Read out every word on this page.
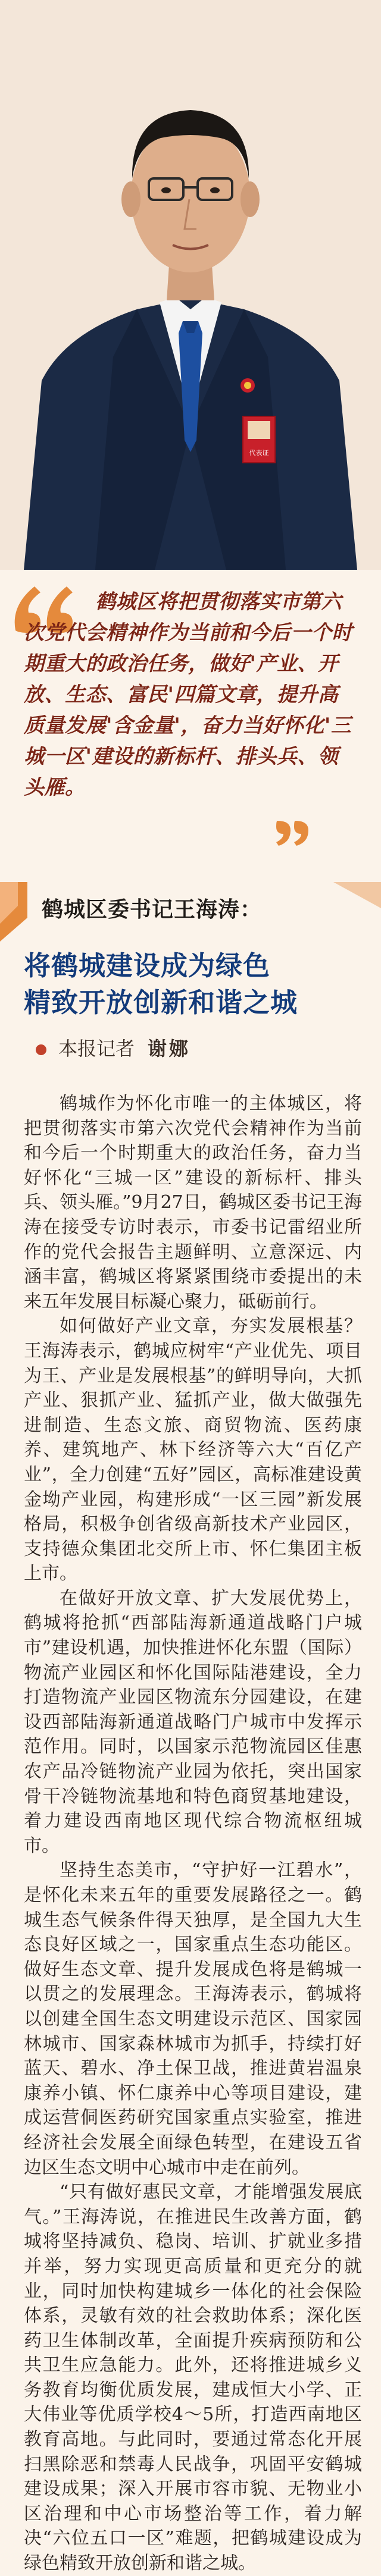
代表证
鹤城区将把贯彻落实市第六次党代会精神作为当前和今后一个时期重大的政治任务，做好'产业、开放、生态、富民'四篇文章，提升高质量发展'含金量'，奋力当好怀化'三城一区'建设的新标杆、排头兵、领头雁。
鹤城区委书记王海涛：
将鹤城建设成为绿色
精致开放创新和谐之城
本报记者 谢娜

鹤城作为怀化市唯一的主体城区，将把贯彻落实市第六次党代会精神作为当前和今后一个时期重大的政治任务，奋力当好怀化“三城一区”建设的新标杆、排头兵、领头雁。”9月27日，鹤城区委书记王海涛在接受专访时表示，市委书记雷绍业所作的党代会报告主题鲜明、立意深远、内涵丰富，鹤城区将紧紧围绕市委提出的未来五年发展目标凝心聚力，砥砺前行。

如何做好产业文章，夯实发展根基？王海涛表示，鹤城应树牢“产业优先、项目为王、产业是发展根基”的鲜明导向，大抓产业、狠抓产业、猛抓产业，做大做强先进制造、生态文旅、商贸物流、医药康养、建筑地产、林下经济等六大“百亿产业”，全力创建“五好”园区，高标准建设黄金坳产业园，构建形成“一区三园”新发展格局，积极争创省级高新技术产业园区，支持德众集团北交所上市、怀仁集团主板上市。

在做好开放文章、扩大发展优势上，鹤城将抢抓“西部陆海新通道战略门户城市”建设机遇，加快推进怀化东盟（国际）物流产业园区和怀化国际陆港建设，全力打造物流产业园区物流东分园建设，在建设西部陆海新通道战略门户城市中发挥示范作用。同时，以国家示范物流园区佳惠农产品冷链物流产业园为依托，突出国家骨干冷链物流基地和特色商贸基地建设，着力建设西南地区现代综合物流枢纽城市。

坚持生态美市，“守护好一江碧水”，是怀化未来五年的重要发展路径之一。鹤城生态气候条件得天独厚，是全国九大生态良好区域之一，国家重点生态功能区。做好生态文章、提升发展成色将是鹤城一以贯之的发展理念。王海涛表示，鹤城将以创建全国生态文明建设示范区、国家园林城市、国家森林城市为抓手，持续打好蓝天、碧水、净土保卫战，推进黄岩温泉康养小镇、怀仁康养中心等项目建设，建成运营侗医药研究国家重点实验室，推进经济社会发展全面绿色转型，在建设五省边区生态文明中心城市中走在前列。

“只有做好惠民文章，才能增强发展底气。”王海涛说，在推进民生改善方面，鹤城将坚持减负、稳岗、培训、扩就业多措并举，努力实现更高质量和更充分的就业，同时加快构建城乡一体化的社会保险体系，灵敏有效的社会救助体系；深化医药卫生体制改革，全面提升疾病预防和公共卫生应急能力。此外，还将推进城乡义务教育均衡优质发展，建成恒大小学、正大伟业等优质学校4～5所，打造西南地区教育高地。与此同时，要通过常态化开展扫黑除恶和禁毒人民战争，巩固平安鹤城建设成果；深入开展市容市貌、无物业小区治理和中心市场整治等工作，着力解决“六位五口一区”难题，把鹤城建设成为绿色精致开放创新和谐之城。
